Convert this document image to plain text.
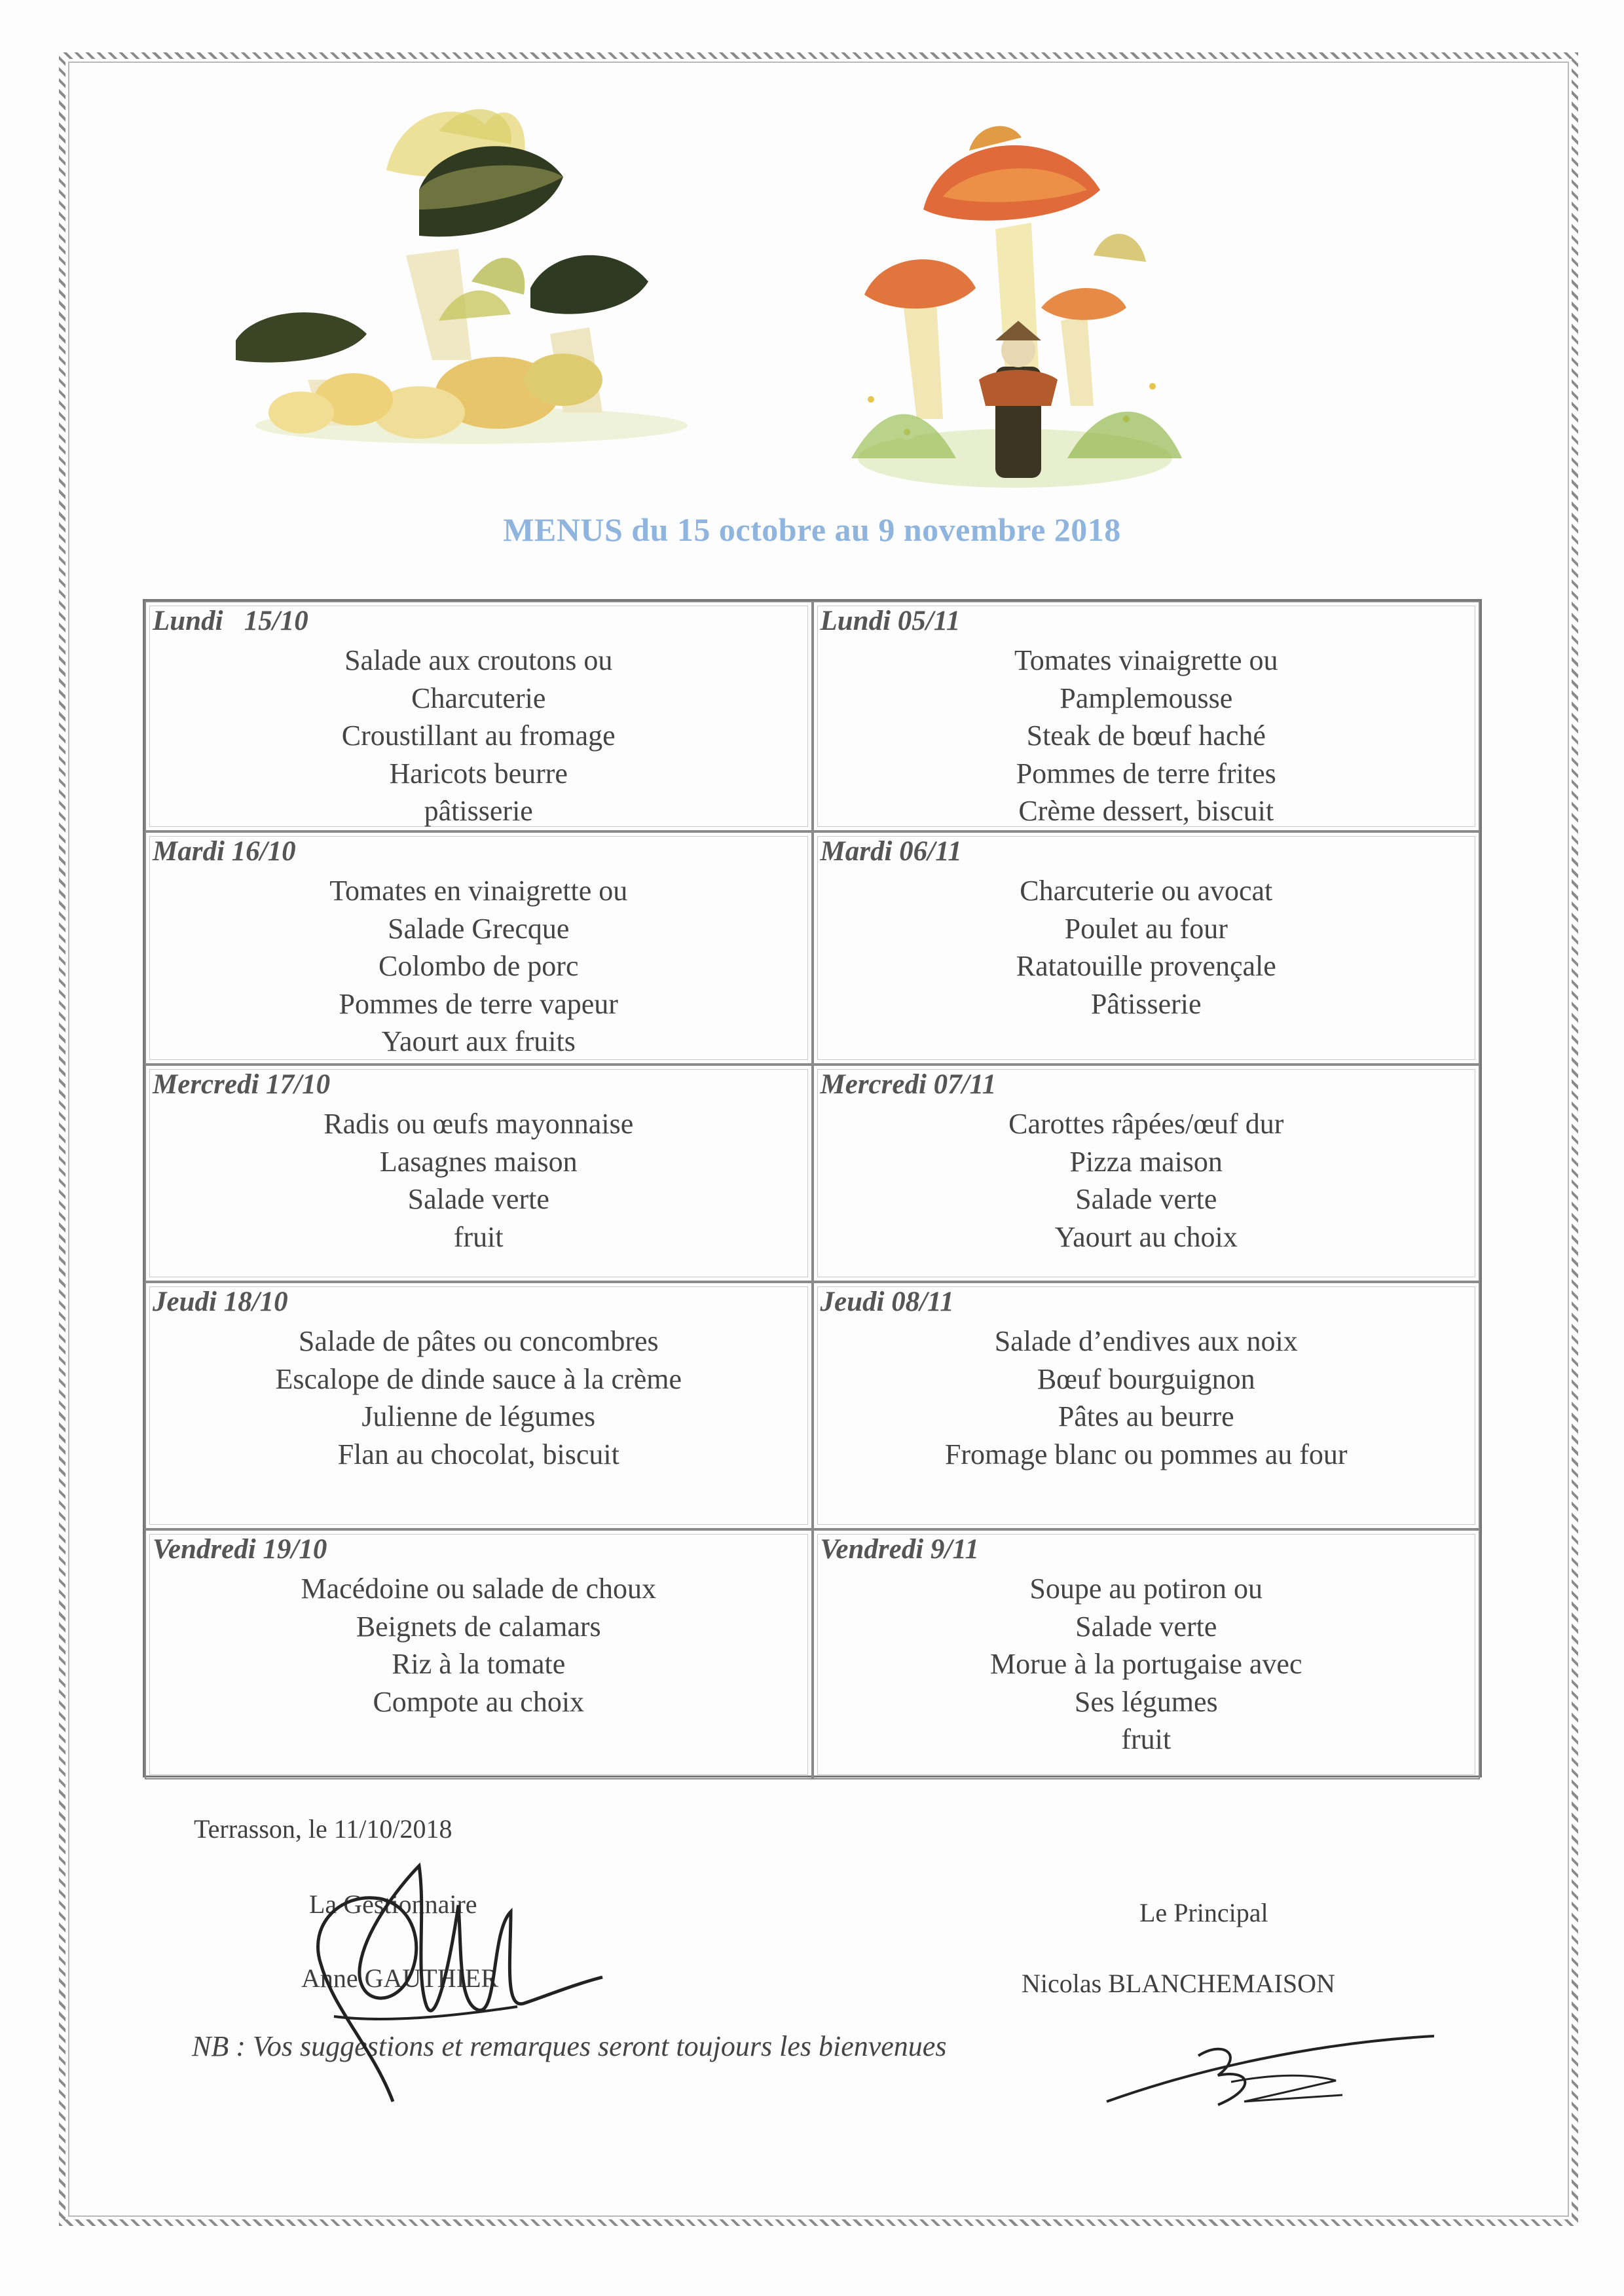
MENUS du 15 octobre au 9 novembre 2018
Lundi   15/10
Salade aux croutons ou
Charcuterie
Croustillant au fromage
Haricots beurre
pâtisserie
Lundi 05/11
Tomates vinaigrette ou
Pamplemousse
Steak de bœuf haché
Pommes de terre frites
Crème dessert, biscuit
Mardi 16/10
Tomates en vinaigrette ou
Salade Grecque
Colombo de porc
Pommes de terre vapeur
Yaourt aux fruits
Mardi 06/11
Charcuterie ou avocat
Poulet au four
Ratatouille provençale
Pâtisserie
Mercredi 17/10
Radis ou œufs mayonnaise
Lasagnes maison
Salade verte
fruit
Mercredi 07/11
Carottes râpées/œuf dur
Pizza maison
Salade verte
Yaourt au choix
Jeudi 18/10
Salade de pâtes ou concombres
Escalope de dinde sauce à la crème
Julienne de légumes
Flan au chocolat, biscuit
Jeudi 08/11
Salade d’endives aux noix
Bœuf bourguignon
Pâtes au beurre
Fromage blanc ou pommes au four
Vendredi 19/10
Macédoine ou salade de choux
Beignets de calamars
Riz à la tomate
Compote au choix
Vendredi 9/11
Soupe au potiron ou
Salade verte
Morue à la portugaise avec
Ses légumes
fruit
Terrasson, le 11/10/2018
La Gestionnaire
Anne GAUTHIER
Le Principal
Nicolas BLANCHEMAISON
NB : Vos suggestions et remarques seront toujours les bienvenues
